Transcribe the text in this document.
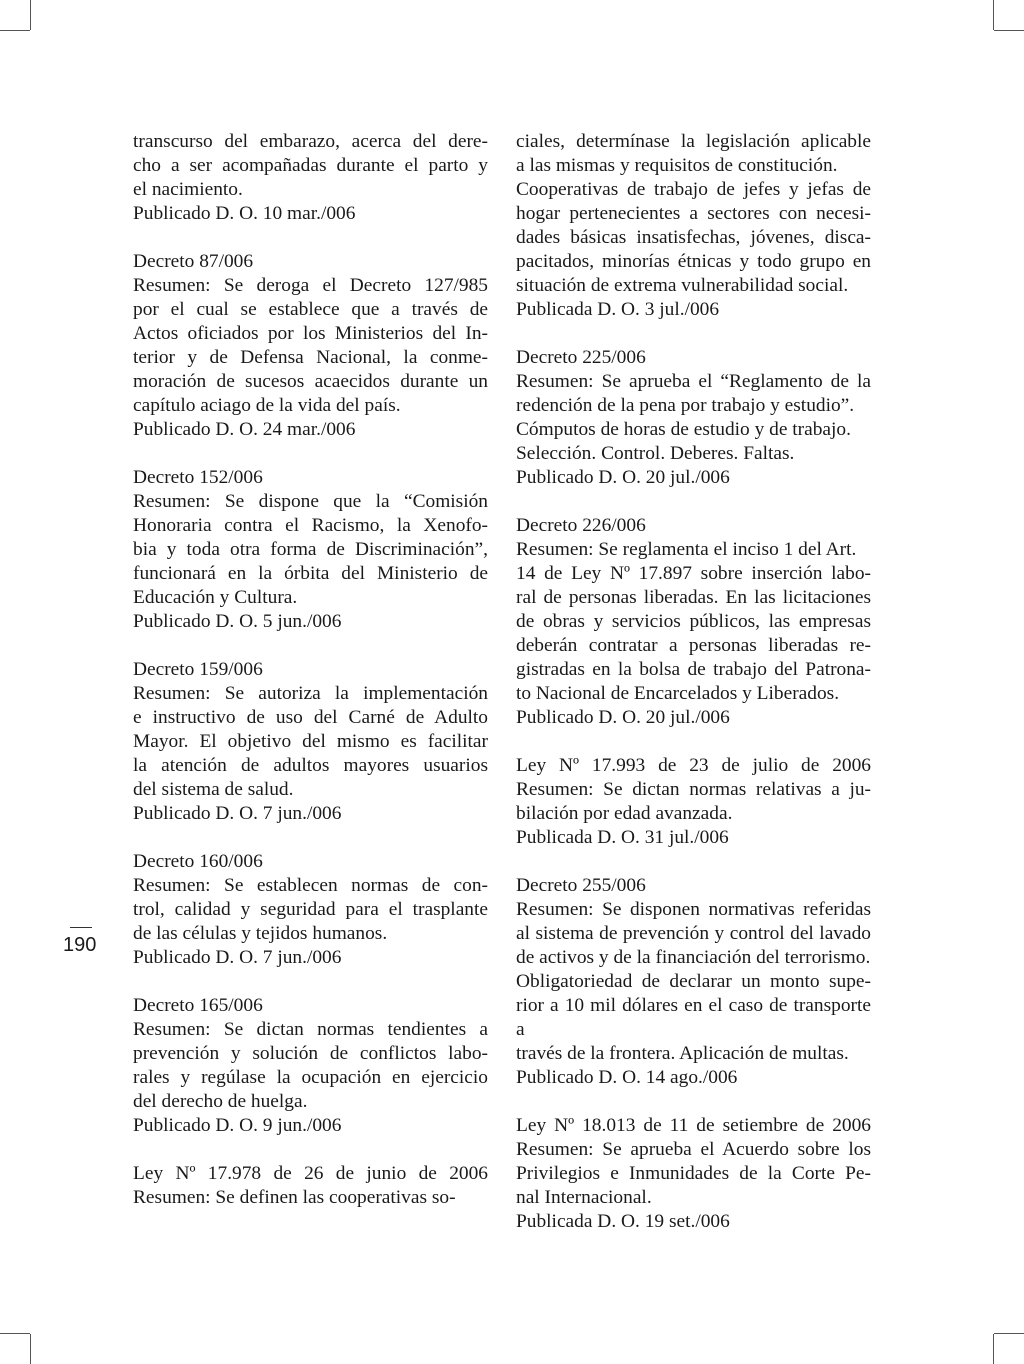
190
transcurso del embarazo, acerca del dere-
cho a ser acompañadas durante el parto y
el nacimiento.
Publicado D. O. 10 mar./006
Decreto 87/006
Resumen: Se deroga el Decreto 127/985
por el cual se establece que a través de
Actos oficiados por los Ministerios del In-
terior y de Defensa Nacional, la conme-
moración de sucesos acaecidos durante un
capítulo aciago de la vida del país.
Publicado D. O. 24 mar./006
Decreto 152/006
Resumen: Se dispone que la “Comisión
Honoraria contra el Racismo, la Xenofo-
bia y toda otra forma de Discriminación”,
funcionará en la órbita del Ministerio de
Educación y Cultura.
Publicado D. O. 5 jun./006
Decreto 159/006
Resumen: Se autoriza la implementación
e instructivo de uso del Carné de Adulto
Mayor. El objetivo del mismo es facilitar
la atención de adultos mayores usuarios
del sistema de salud.
Publicado D. O. 7 jun./006
Decreto 160/006
Resumen: Se establecen normas de con-
trol, calidad y seguridad para el trasplante
de las células y tejidos humanos.
Publicado D. O. 7 jun./006
Decreto 165/006
Resumen: Se dictan normas tendientes a
prevención y solución de conflictos labo-
rales y regúlase la ocupación en ejercicio
del derecho de huelga.
Publicado D. O. 9 jun./006
Ley Nº 17.978 de 26 de junio de 2006
Resumen: Se definen las cooperativas so-
ciales, determínase la legislación aplicable
a las mismas y requisitos de constitución.
Cooperativas de trabajo de jefes y jefas de
hogar pertenecientes a sectores con necesi-
dades básicas insatisfechas, jóvenes, disca-
pacitados, minorías étnicas y todo grupo en
situación de extrema vulnerabilidad social.
Publicada D. O. 3 jul./006
Decreto 225/006
Resumen: Se aprueba el “Reglamento de la
redención de la pena por trabajo y estudio”.
Cómputos de horas de estudio y de trabajo.
Selección. Control. Deberes. Faltas.
Publicado D. O. 20 jul./006
Decreto 226/006
Resumen: Se reglamenta el inciso 1 del Art.
14 de Ley Nº 17.897 sobre inserción labo-
ral de personas liberadas. En las licitaciones
de obras y servicios públicos, las empresas
deberán contratar a personas liberadas re-
gistradas en la bolsa de trabajo del Patrona-
to Nacional de Encarcelados y Liberados.
Publicado D. O. 20 jul./006
Ley Nº 17.993 de 23 de julio de 2006
Resumen: Se dictan normas relativas a ju-
bilación por edad avanzada.
Publicada D. O. 31 jul./006
Decreto 255/006
Resumen: Se disponen normativas referidas
al sistema de prevención y control del lavado
de activos y de la financiación del terrorismo.
Obligatoriedad de declarar un monto supe-
rior a 10 mil dólares en el caso de transporte a
través de la frontera. Aplicación de multas.
Publicado D. O. 14 ago./006
Ley Nº 18.013 de 11 de setiembre de 2006
Resumen: Se aprueba el Acuerdo sobre los
Privilegios e Inmunidades de la Corte Pe-
nal Internacional.
Publicada D. O. 19 set./006
